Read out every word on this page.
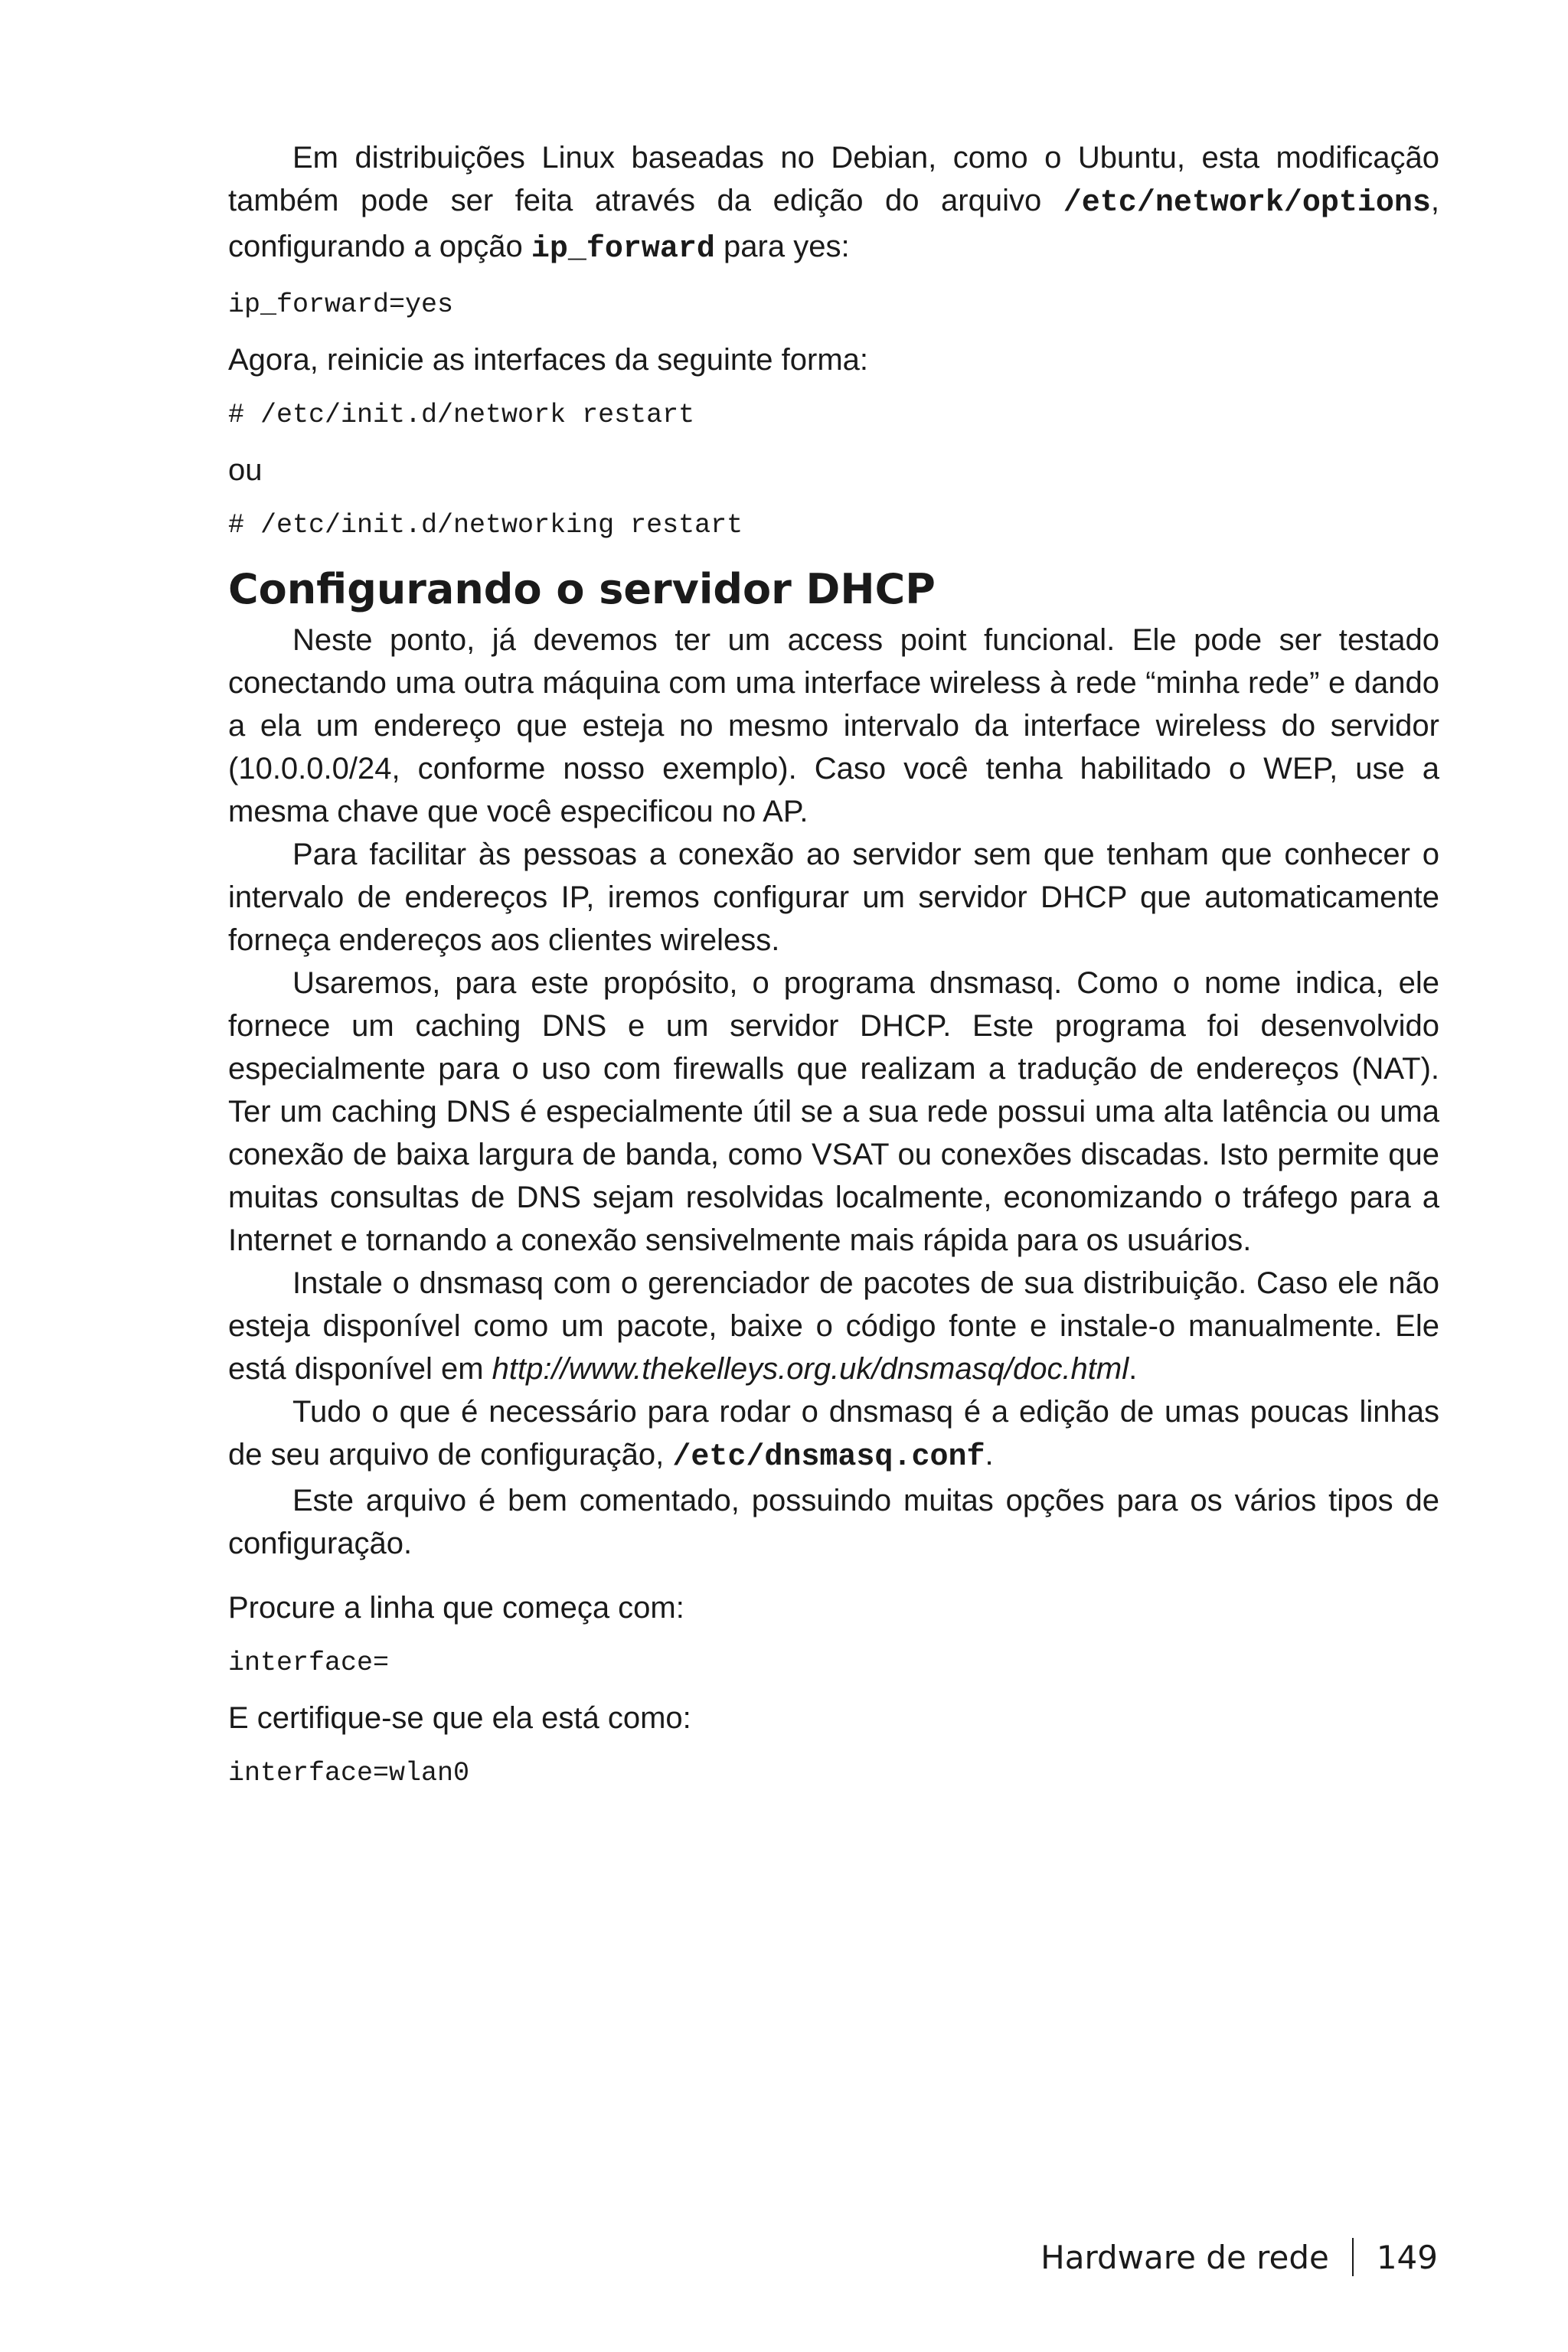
Em distribuições Linux baseadas no Debian, como o Ubuntu, esta modificação também pode ser feita através da edição do arquivo /etc/network/options, configurando a opção ip_forward para yes:

ip_forward=yes

Agora, reinicie as interfaces da seguinte forma:

# /etc/init.d/network restart

ou

# /etc/init.d/networking restart

Configurando o servidor DHCP

Neste ponto, já devemos ter um access point funcional. Ele pode ser testado conectando uma outra máquina com uma interface wireless à rede “minha rede” e dando a ela um endereço que esteja no mesmo intervalo da interface wireless do servidor (10.0.0.0/24, conforme nosso exemplo). Caso você tenha habilitado o WEP, use a mesma chave que você especificou no AP.

Para facilitar às pessoas a conexão ao servidor sem que tenham que conhecer o intervalo de endereços IP, iremos configurar um servidor DHCP que automaticamente forneça endereços aos clientes wireless.

Usaremos, para este propósito, o programa dnsmasq. Como o nome indica, ele fornece um caching DNS e um servidor DHCP. Este programa foi desenvolvido especialmente para o uso com firewalls que realizam a tradução de endereços (NAT). Ter um caching DNS é especialmente útil se a sua rede possui uma alta latência ou uma conexão de baixa largura de banda, como VSAT ou conexões discadas. Isto permite que muitas consultas de DNS sejam resolvidas localmente, economizando o tráfego para a Internet e tornando a conexão sensivelmente mais rápida para os usuários.

Instale o dnsmasq com o gerenciador de pacotes de sua distribuição. Caso ele não esteja disponível como um pacote, baixe o código fonte e instale-o manualmente. Ele está disponível em http://www.thekelleys.org.uk/dnsmasq/doc.html.

Tudo o que é necessário para rodar o dnsmasq é a edição de umas poucas linhas de seu arquivo de configuração, /etc/dnsmasq.conf.

Este arquivo é bem comentado, possuindo muitas opções para os vários tipos de configuração.

Procure a linha que começa com:

interface=

E certifique-se que ela está como:

interface=wlan0

Hardware de rede 149
